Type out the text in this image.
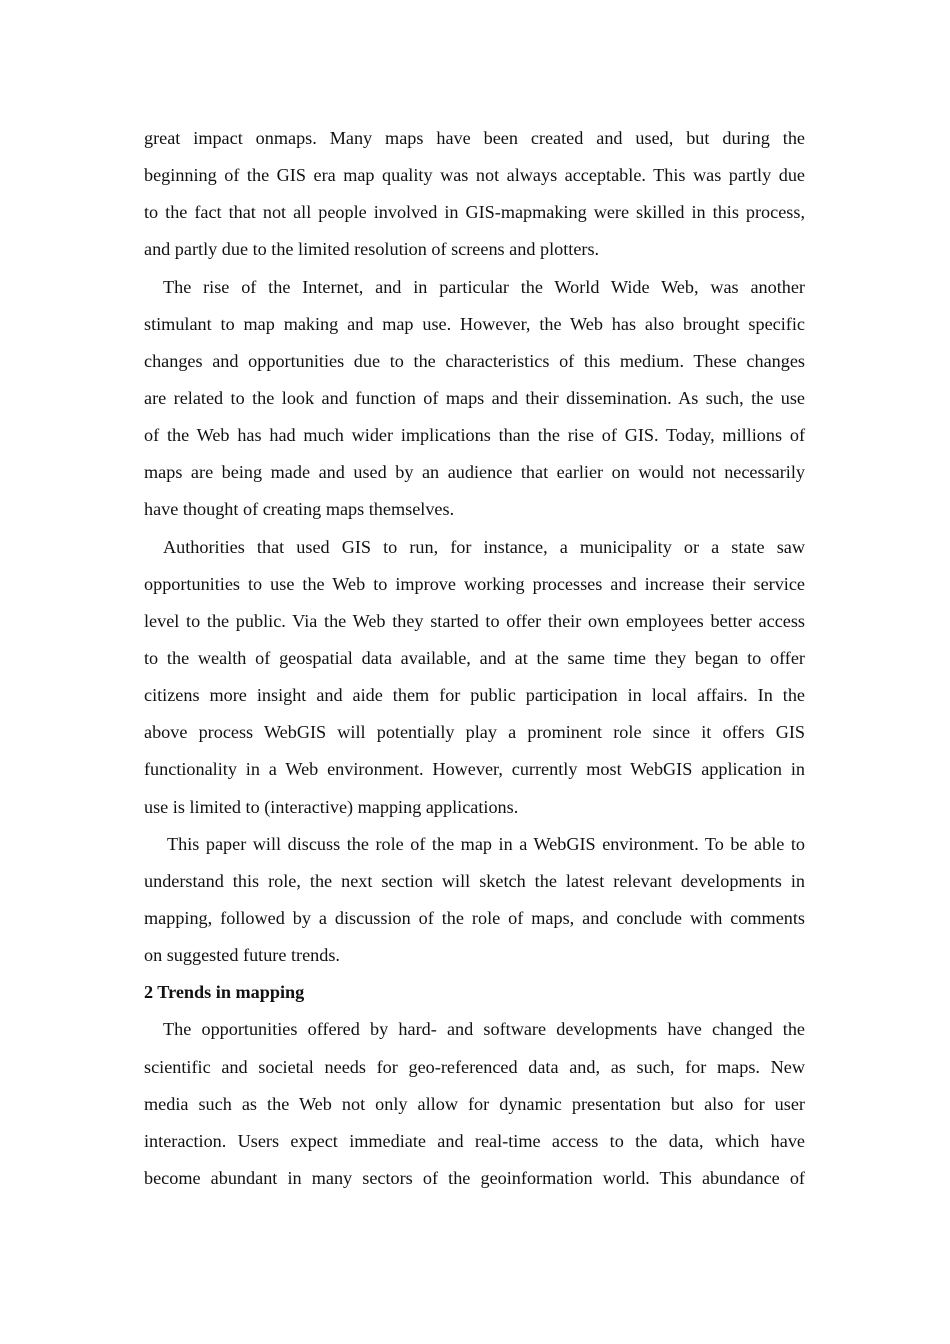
great impact onmaps. Many maps have been created and used, but during the
beginning of the GIS era map quality was not always acceptable. This was partly due
to the fact that not all people involved in GIS-mapmaking were skilled in this process,
and partly due to the limited resolution of screens and plotters.
The rise of the Internet, and in particular the World Wide Web, was another
stimulant to map making and map use. However, the Web has also brought specific
changes and opportunities due to the characteristics of this medium. These changes
are related to the look and function of maps and their dissemination. As such, the use
of the Web has had much wider implications than the rise of GIS. Today, millions of
maps are being made and used by an audience that earlier on would not necessarily
have thought of creating maps themselves.
Authorities that used GIS to run, for instance, a municipality or a state saw
opportunities to use the Web to improve working processes and increase their service
level to the public. Via the Web they started to offer their own employees better access
to the wealth of geospatial data available, and at the same time they began to offer
citizens more insight and aide them for public participation in local affairs. In the
above process WebGIS will potentially play a prominent role since it offers GIS
functionality in a Web environment. However, currently most WebGIS application in
use is limited to (interactive) mapping applications.
This paper will discuss the role of the map in a WebGIS environment. To be able to
understand this role, the next section will sketch the latest relevant developments in
mapping, followed by a discussion of the role of maps, and conclude with comments
on suggested future trends.
2 Trends in mapping
The opportunities offered by hard- and software developments have changed the
scientific and societal needs for geo-referenced data and, as such, for maps. New
media such as the Web not only allow for dynamic presentation but also for user
interaction. Users expect immediate and real-time access to the data, which have
become abundant in many sectors of the geoinformation world. This abundance of
